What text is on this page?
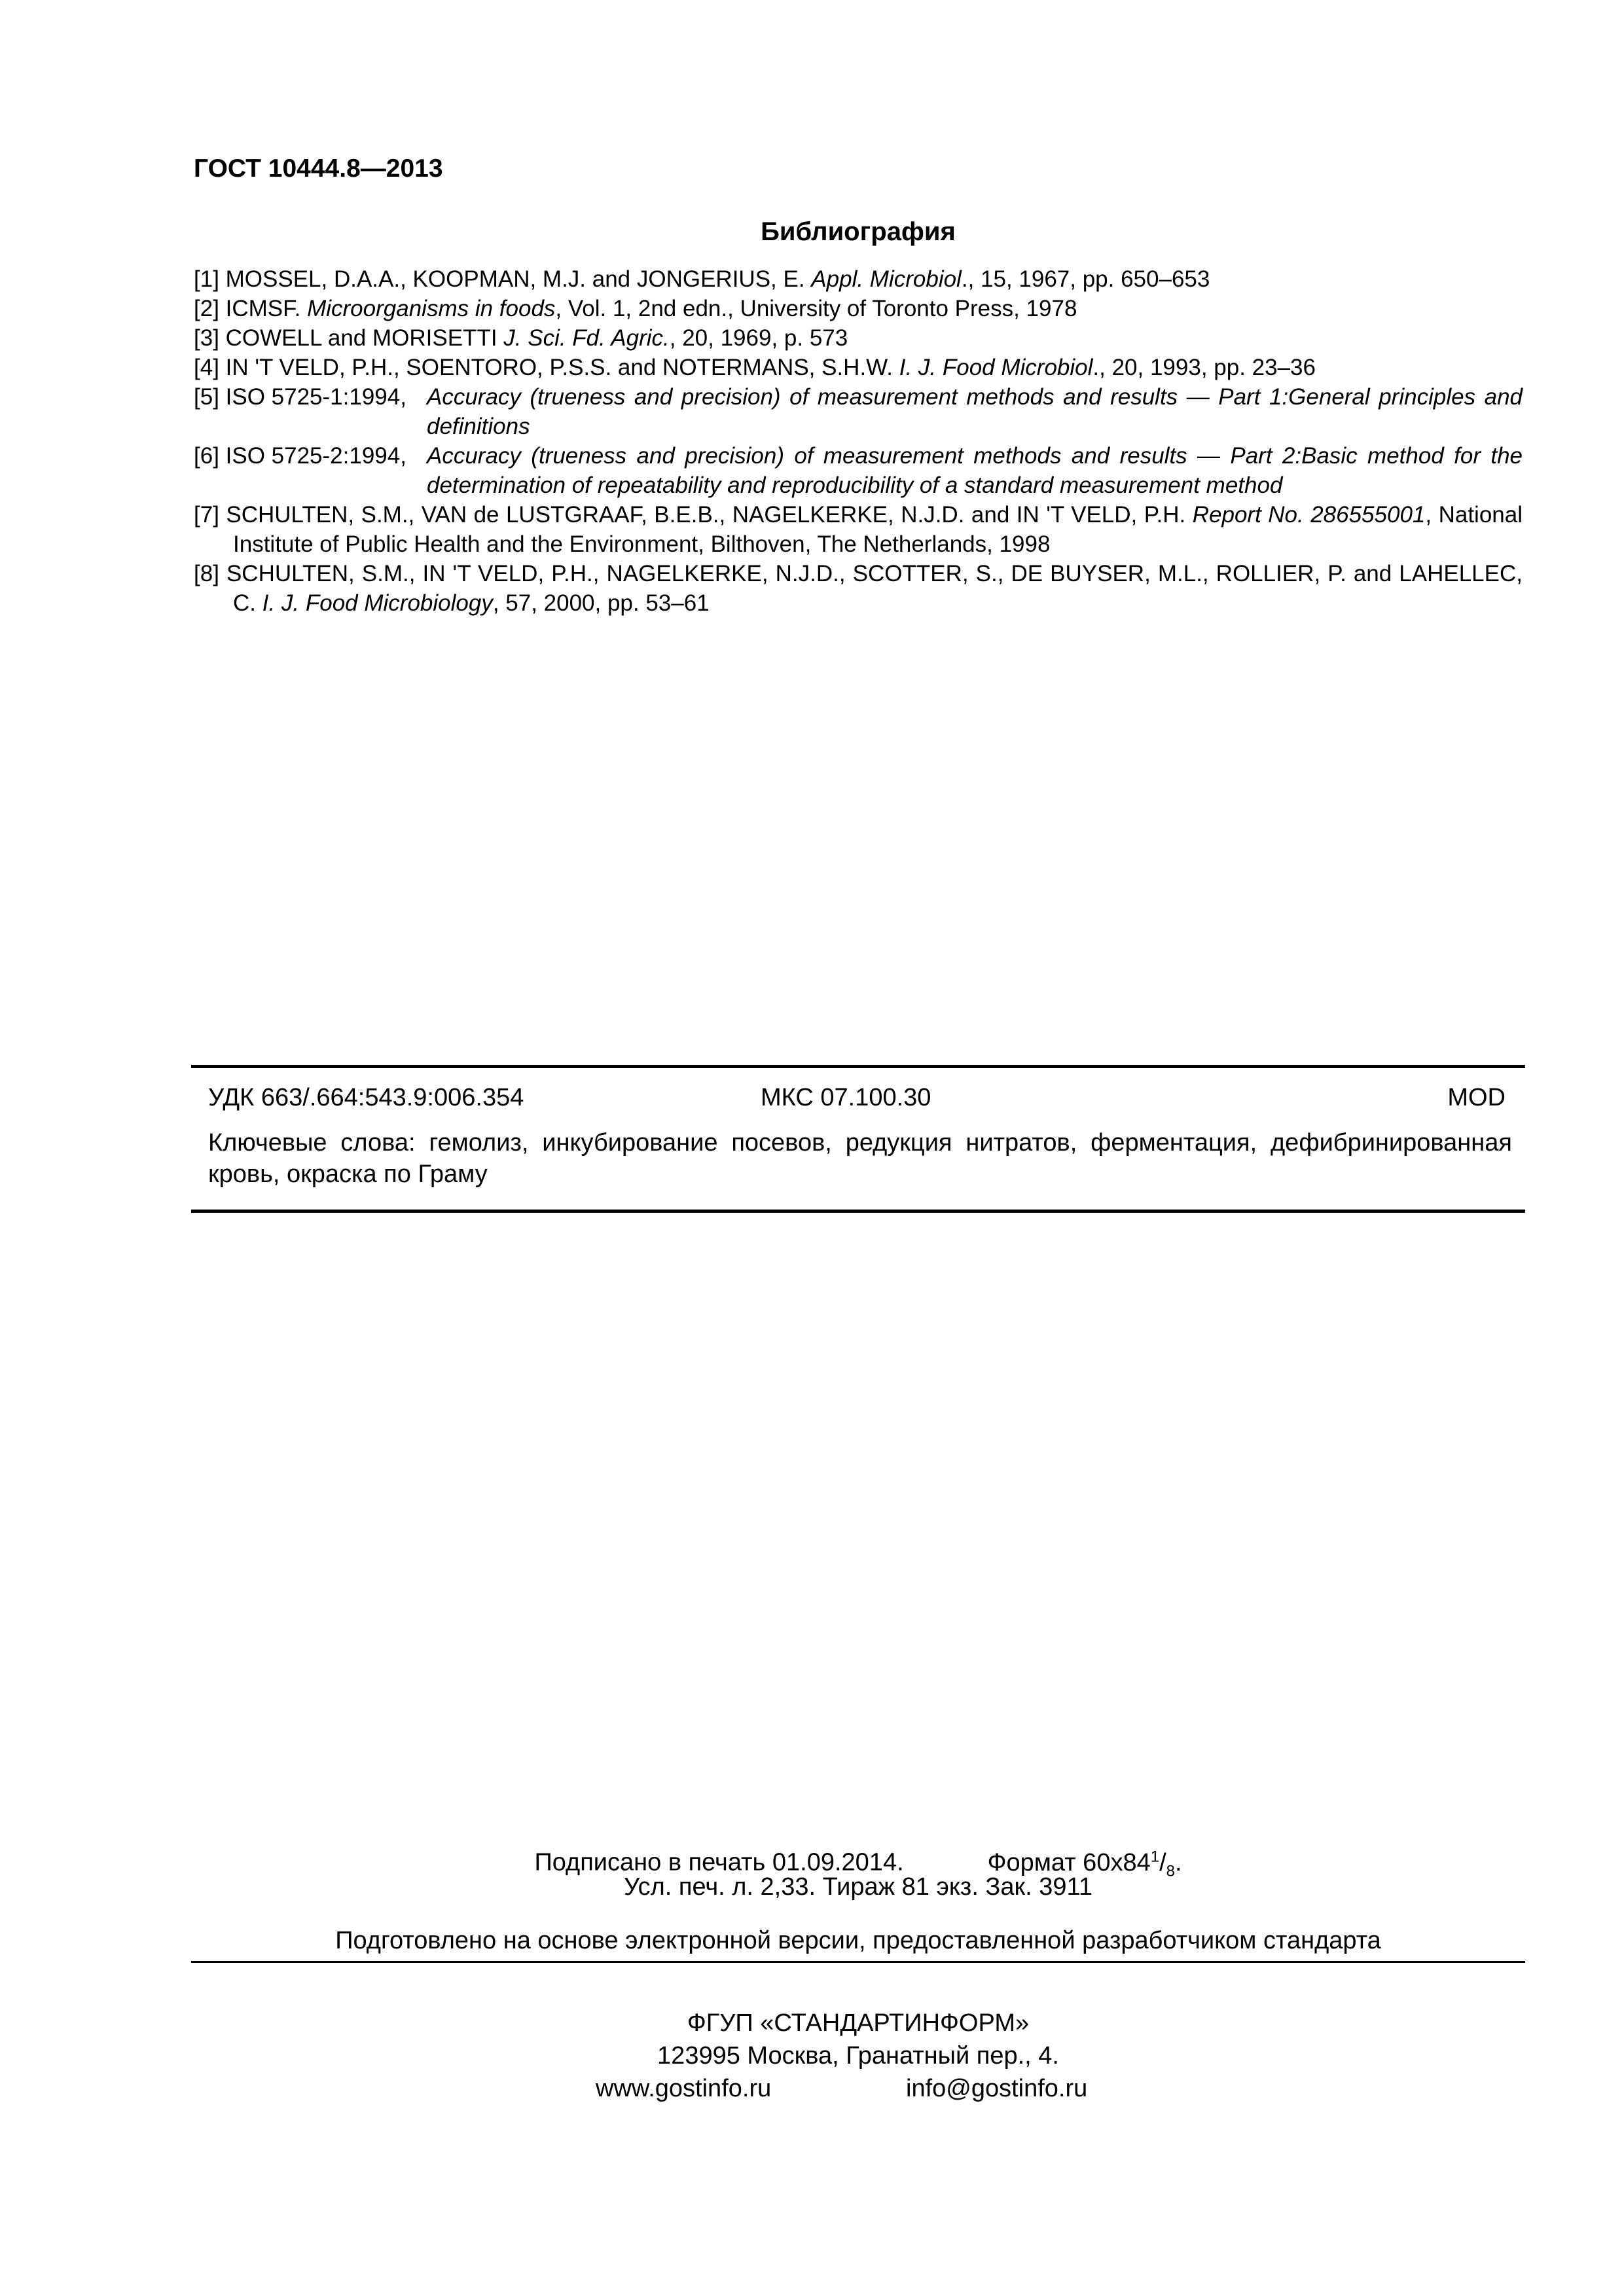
ГОСТ 10444.8—2013
Библиография

[1] MOSSEL, D.A.A., KOOPMAN, M.J. and JONGERIUS, E. Appl. Microbiol., 15, 1967, pp. 650–653

[2] ICMSF. Microorganisms in foods, Vol. 1, 2nd edn., University of Toronto Press, 1978

[3] COWELL and MORISETTI J. Sci. Fd. Agric., 20, 1969, p. 573

[4] IN 'T VELD, P.H., SOENTORO, P.S.S. and NOTERMANS, S.H.W. I. J. Food Microbiol., 20, 1993, pp. 23–36

[5] ISO 5725-1:1994, Accuracy (trueness and precision) of measurement methods and results — Part 1:General principles and definitions
[6] ISO 5725-2:1994, Accuracy (trueness and precision) of measurement methods and results — Part 2:Basic method for the determination of repeatability and reproducibility of a standard measurement method

[7] SCHULTEN, S.M., VAN de LUSTGRAAF, B.E.B., NAGELKERKE, N.J.D. and IN 'T VELD, P.H. Report No. 286555001, National Institute of Public Health and the Environment, Bilthoven, The Netherlands, 1998

[8] SCHULTEN, S.M., IN 'T VELD, P.H., NAGELKERKE, N.J.D., SCOTTER, S., DE BUYSER, M.L., ROLLIER, P. and LAHELLEC, C. I. J. Food Microbiology, 57, 2000, pp. 53–61

УДК 663/.664:543.9:006.354	МКС 07.100.30	MOD
Ключевые слова: гемолиз, инкубирование посевов, редукция нитратов, ферментация, дефибринированная кровь, окраска по Граму
Подписано в печать 01.09.2014.	Формат $60x84^1/_8$.
Усл. печ. л. 2,33. Тираж 81 экз. Зак. 3911
Подготовлено на основе электронной версии, предоставленной разработчиком стандарта
ФГУП «СТАНДАРТИНФОРМ»
123995 Москва, Гранатный пер., 4.
www.gostinfo.ru	info@gostinfo.ru
